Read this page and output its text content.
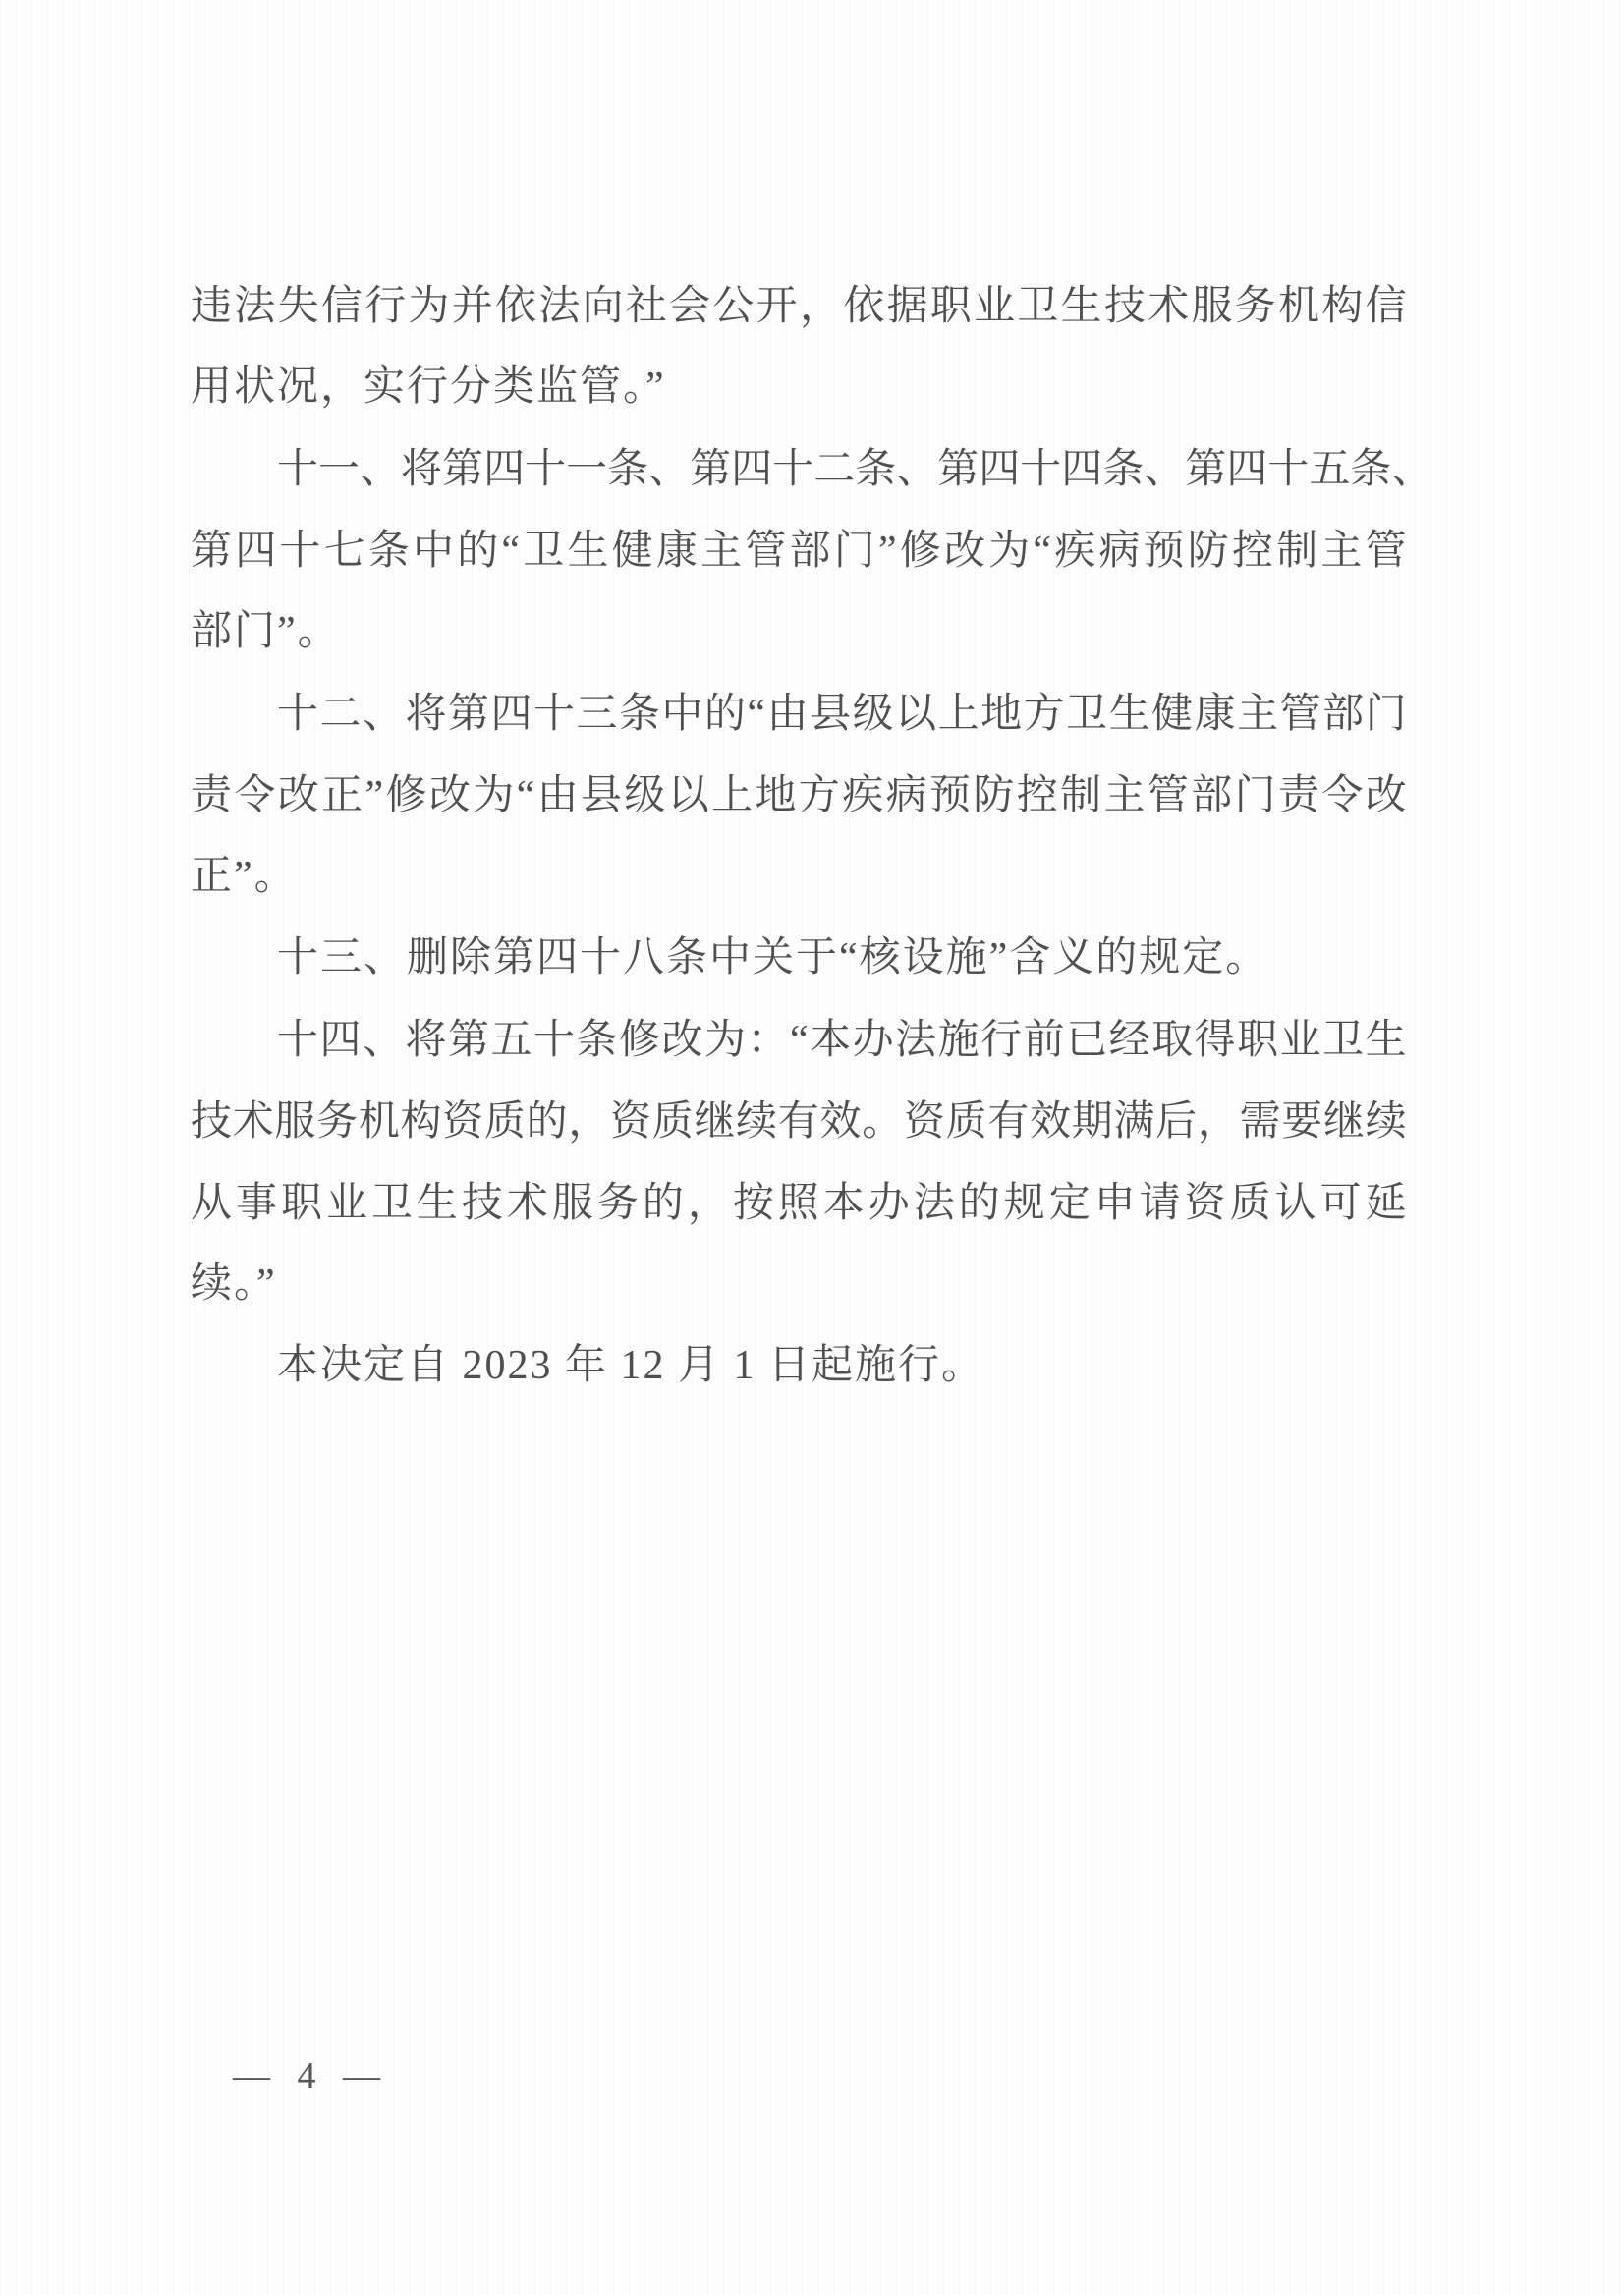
违 法 失 信 行 为 并 依 法 向 社 会 公 开 ， 依 据 职 业 卫 生 技 术 服 务 机 构 信
用状况，实行分类监管。”
十 一 、 将 第 四 十 一 条 、 第 四 十 二 条 、 第 四 十 四 条 、 第 四 十 五 条 、
第 四 十 七 条 中 的 “ 卫 生 健 康 主 管 部 门 ” 修 改 为 “ 疾 病 预 防 控 制 主 管
部门”。
十 二 、 将 第 四 十 三 条 中 的 “ 由 县 级 以 上 地 方 卫 生 健 康 主 管 部 门
责 令 改 正 ” 修 改 为 “ 由 县 级 以 上 地 方 疾 病 预 防 控 制 主 管 部 门 责 令 改
正”。
十三、删除第四十八条中关于“核设施”含义的规定。
十 四 、 将 第 五 十 条 修 改 为 ： “ 本 办 法 施 行 前 已 经 取 得 职 业 卫 生
技 术 服 务 机 构 资 质 的 ， 资 质 继 续 有 效 。 资 质 有 效 期 满 后 ， 需 要 继 续
从 事 职 业 卫 生 技 术 服 务 的 ， 按 照 本 办 法 的 规 定 申 请 资 质 认 可 延
续。”
本决定自 2023 年 12 月 1 日起施行。
— 4 —
